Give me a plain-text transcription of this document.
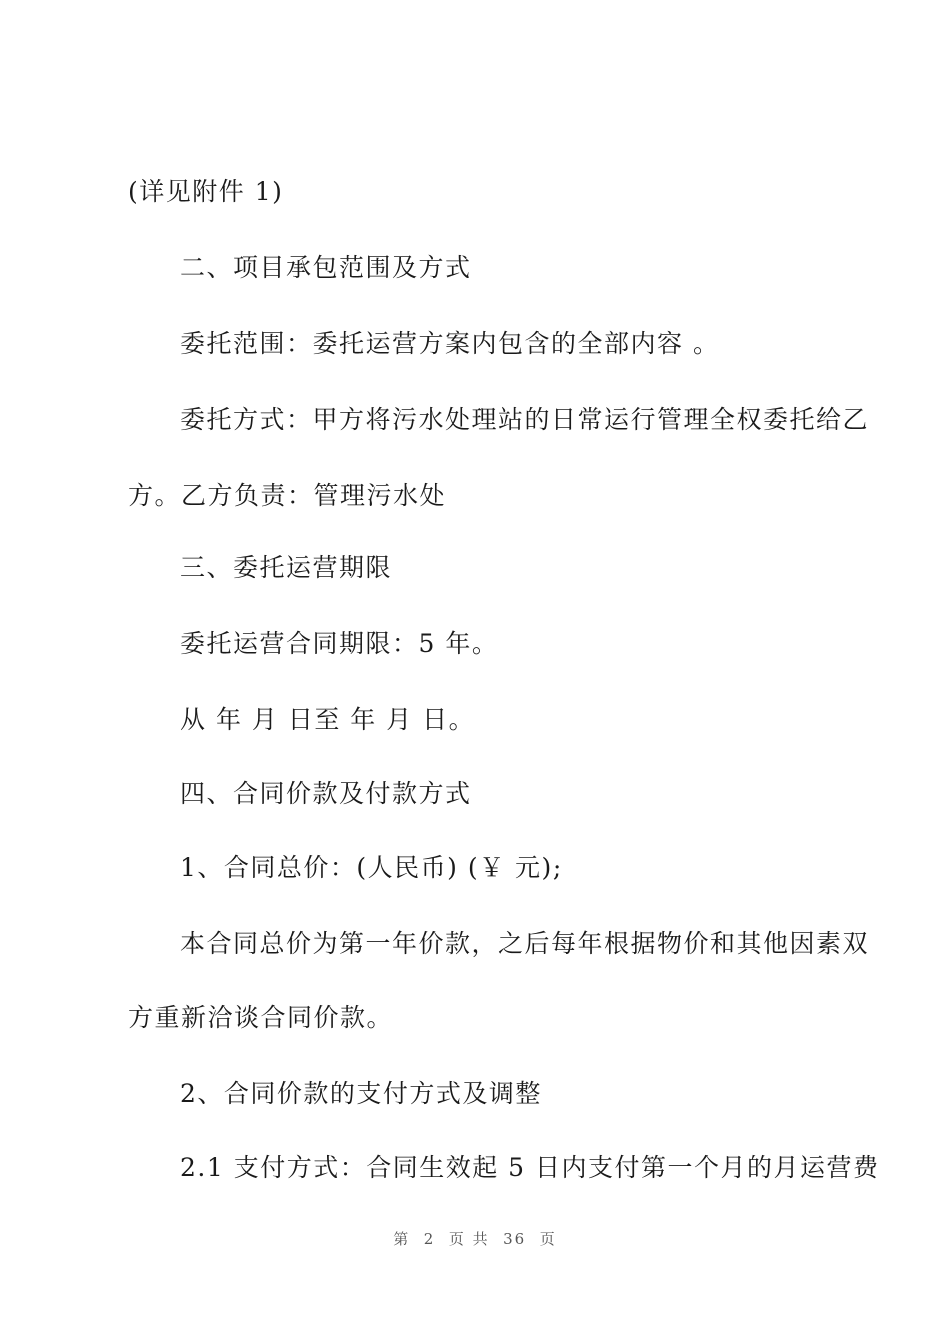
(详见附件 1)
二、项目承包范围及方式
委托范围：委托运营方案内包含的全部内容 。
委托方式：甲方将污水处理站的日常运行管理全权委托给乙
方。乙方负责：管理污水处
三、委托运营期限
委托运营合同期限：5 年。
从 年 月 日至 年 月 日。
四、合同价款及付款方式
1、合同总价：(人民币) (￥ 元);
本合同总价为第一年价款，之后每年根据物价和其他因素双
方重新洽谈合同价款。
2、合同价款的支付方式及调整
2.1 支付方式：合同生效起 5 日内支付第一个月的月运营费
第  2  页 共  36  页
